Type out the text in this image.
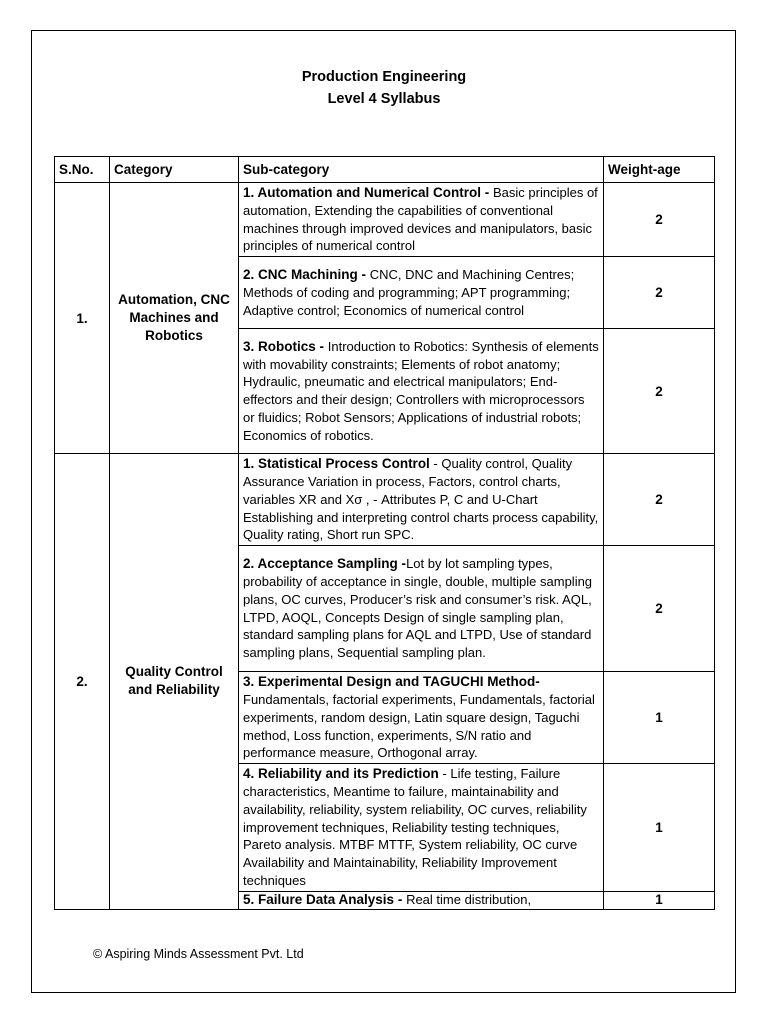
Production Engineering
Level 4 Syllabus
S.No.	Category	Sub-category	Weight-age
1.	Automation, CNC Machines and Robotics	1. Automation and Numerical Control - Basic principles of automation, Extending the capabilities of conventional machines through improved devices and manipulators, basic principles of numerical control	2
		2. CNC Machining - CNC, DNC and Machining Centres; Methods of coding and programming; APT programming; Adaptive control; Economics of numerical control	2
		3. Robotics - Introduction to Robotics: Synthesis of elements with movability constraints; Elements of robot anatomy; Hydraulic, pneumatic and electrical manipulators; End-effectors and their design; Controllers with microprocessors or fluidics; Robot Sensors; Applications of industrial robots; Economics of robotics.	2
2.	Quality Control and Reliability	1. Statistical Process Control - Quality control, Quality Assurance Variation in process, Factors, control charts, variables XR and Xσ , - Attributes P, C and U-Chart Establishing and interpreting control charts process capability, Quality rating, Short run SPC.	2
		2. Acceptance Sampling -Lot by lot sampling types, probability of acceptance in single, double, multiple sampling plans, OC curves, Producer’s risk and consumer’s risk. AQL, LTPD, AOQL, Concepts Design of single sampling plan, standard sampling plans for AQL and LTPD, Use of standard sampling plans, Sequential sampling plan.	2
		3. Experimental Design and TAGUCHI Method- Fundamentals, factorial experiments, Fundamentals, factorial experiments, random design, Latin square design, Taguchi method, Loss function, experiments, S/N ratio and performance measure, Orthogonal array.	1
		4. Reliability and its Prediction - Life testing, Failure characteristics, Meantime to failure, maintainability and availability, reliability, system reliability, OC curves, reliability improvement techniques, Reliability testing techniques, Pareto analysis. MTBF MTTF, System reliability, OC curve Availability and Maintainability, Reliability Improvement techniques	1
		5. Failure Data Analysis - Real time distribution,	1
© Aspiring Minds Assessment Pvt. Ltd
